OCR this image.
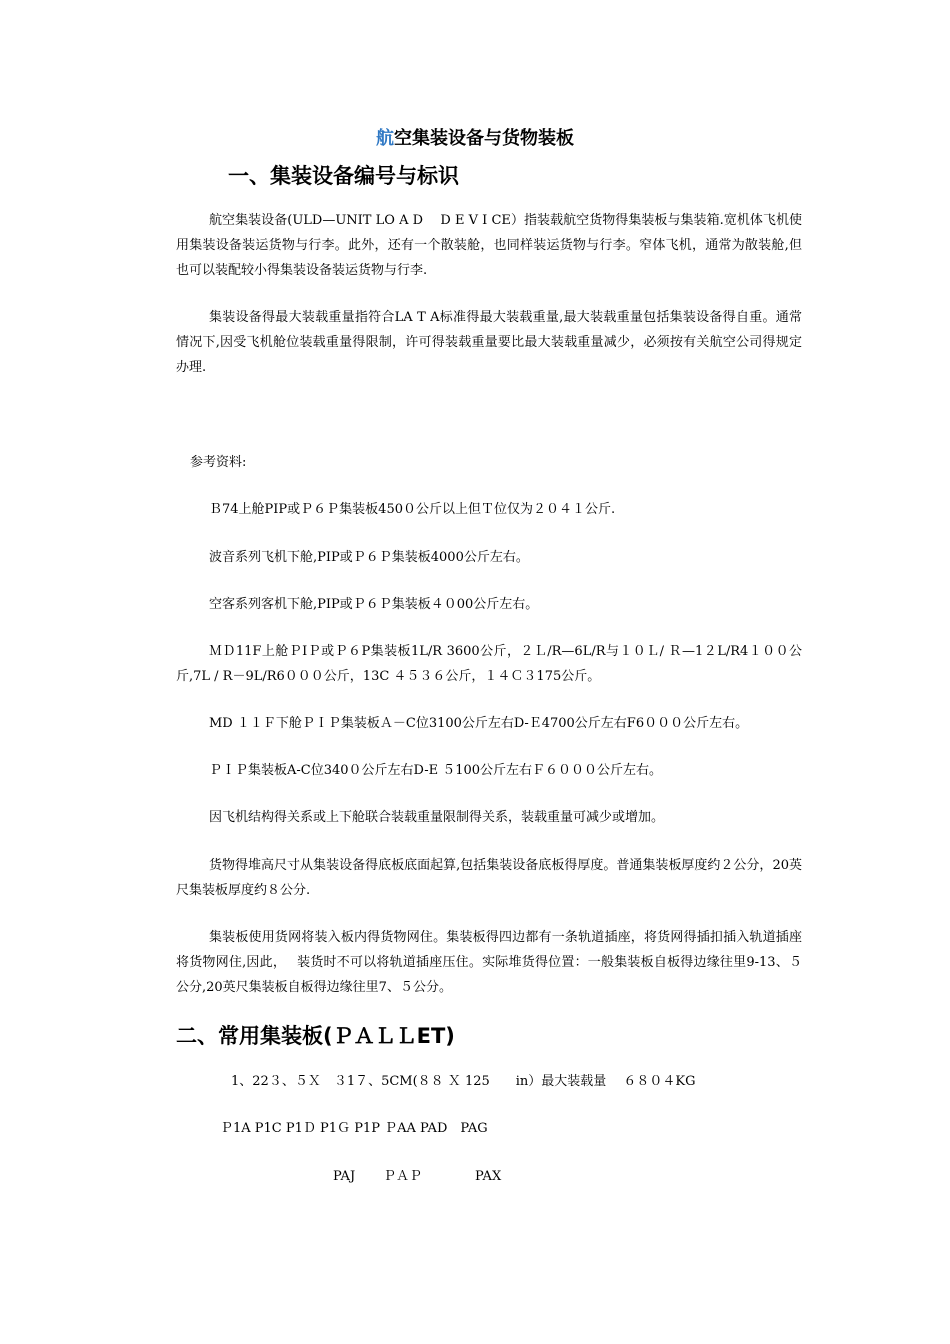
航空集装设备与货物装板
一、集装设备编号与标识

航空集装设备(ULD—UNIT LO A D　 D E V I CE）指装载航空货物得集装板与集装箱.宽机体飞机使用集装设备装运货物与行李。此外，还有一个散装舱，也同样装运货物与行李。窄体飞机，通常为散装舱,但也可以装配较小得集装设备装运货物与行李.

集装设备得最大装载重量指符合LA T A标准得最大装载重量,最大装载重量包括集装设备得自重。通常情况下,因受飞机舱位装载重量得限制，许可得装载重量要比最大装载重量减少，必须按有关航空公司得规定办理.

参考资料:

Ｂ74上舱PIP或Ｐ６Ｐ集装板450０公斤以上但Ｔ位仅为２０４１公斤.

波音系列飞机下舱,PIP或Ｐ６Ｐ集装板4000公斤左右。

空客系列客机下舱,PIP或Ｐ６Ｐ集装板４０00公斤左右。

ＭＤ11F上舱ＰIＰ或Ｐ６P集装板1L/R 3600公斤，２Ｌ/R—6L/R与１０Ｌ/ Ｒ—1２L/R4１００公斤,7L / R－9L/R6０００公斤，13C ４５３６公斤，１４Ｃ３175公斤。

MD １１Ｆ下舱ＰＩＰ集装板Ａ－C位3100公斤左右D‐Ｅ4700公斤左右F6０００公斤左右。

ＰＩＰ集装板A-C位340０公斤左右D-E ５100公斤左右Ｆ６０００公斤左右。

因飞机结构得关系或上下舱联合装载重量限制得关系，装载重量可减少或增加。

货物得堆高尺寸从集装设备得底板底面起算,包括集装设备底板得厚度。普通集装板厚度约２公分，20英尺集装板厚度约８公分.

集装板使用货网将装入板内得货物网住。集装板得四边都有一条轨道插座，将货网得插扣插入轨道插座将货物网住,因此，　 装货时不可以将轨道插座压住。实际堆货得位置：一般集装板自板得边缘往里9-13、５公分,20英尺集装板自板得边缘往里7、５公分。

二、常用集装板(ＰＡＬＬET)

1、22３、５Ｘ　３1７、5CM(８８ Ｘ 125　　in）最大装载量　 ６８０４KG

Ｐ1A P1C P1Ｄ P1Ｇ P1P ＰAA PAD　PAG

PAJ ＰＡＰ	PAX
